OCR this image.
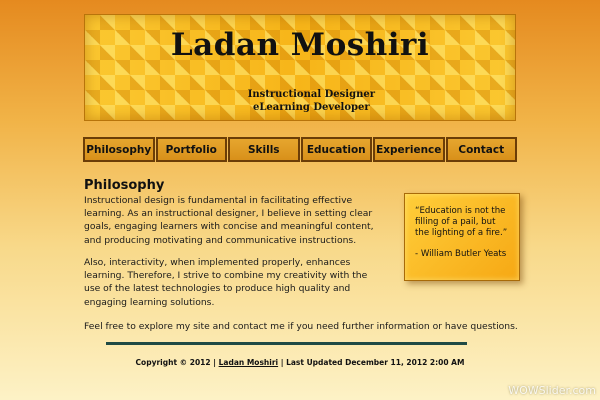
Ladan Moshiri
Instructional Designer
eLearning Developer
Philosophy	Portfolio	Skills	Education Experience	Contact
Philosophy

Instructional design is fundamental in facilitating effective learning. As an instructional designer, I believe in setting clear goals, engaging learners with concise and meaningful content, and producing motivating and communicative instructions.

Also, interactivity, when implemented properly, enhances learning. Therefore, I strive to combine my creativity with the use of the latest technologies to produce high quality and engaging learning solutions.

Feel free to explore my site and contact me if you need further information or have questions.

“Education is not the filling of a pail, but the lighting of a fire.”
- William Butler Yeats
Copyright © 2012 | Ladan Moshiri | Last Updated December 11, 2012 2:00 AM
WOWSlider.com
